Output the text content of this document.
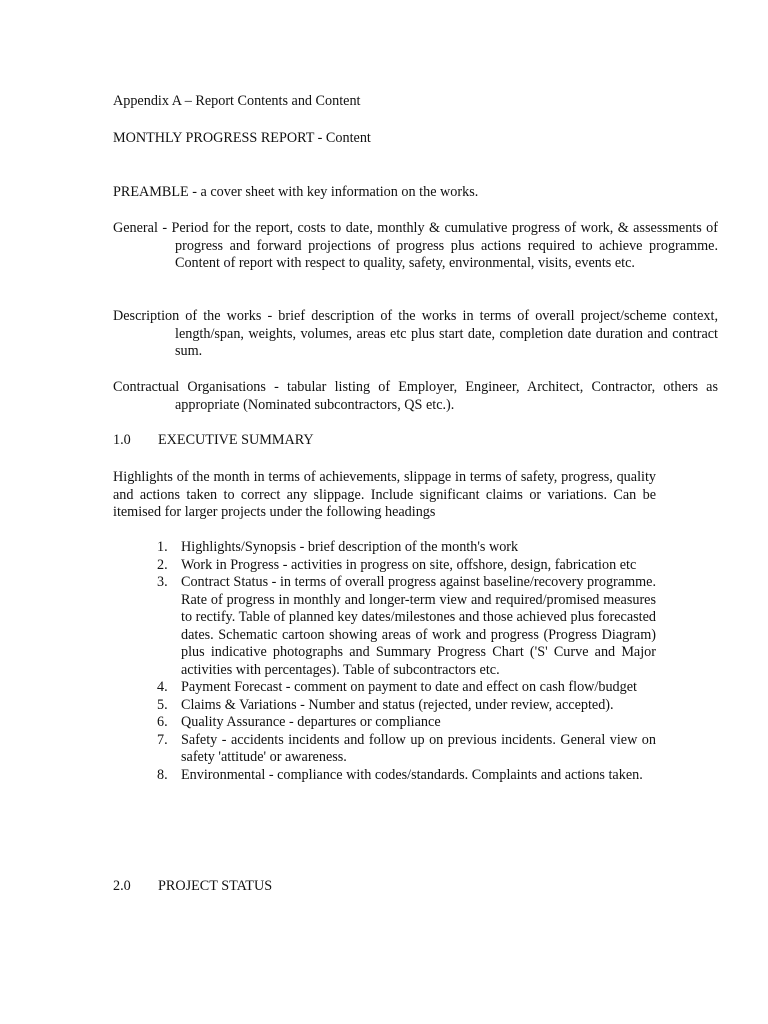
Appendix A – Report Contents and Content

MONTHLY PROGRESS REPORT - Content

PREAMBLE - a cover sheet with key information on the works.

General - Period for the report, costs to date, monthly & cumulative progress of work, & assessments of progress and forward projections of progress plus actions required to achieve programme. Content of report with respect to quality, safety, environmental, visits, events etc.

Description of the works - brief description of the works in terms of overall project/scheme context, length/span, weights, volumes, areas etc plus start date, completion date duration and contract sum.

Contractual Organisations - tabular listing of Employer, Engineer, Architect, Contractor, others as appropriate (Nominated subcontractors, QS etc.).

1.0 EXECUTIVE SUMMARY

Highlights of the month in terms of achievements, slippage in terms of safety, progress, quality and actions taken to correct any slippage. Include significant claims or variations. Can be itemised for larger projects under the following headings

1. Highlights/Synopsis - brief description of the month's work
2. Work in Progress - activities in progress on site, offshore, design, fabrication etc
3. Contract Status - in terms of overall progress against baseline/recovery programme. Rate of progress in monthly and longer-term view and required/promised measures to rectify. Table of planned key dates/milestones and those achieved plus forecasted dates. Schematic cartoon showing areas of work and progress (Progress Diagram) plus indicative photographs and Summary Progress Chart ('S' Curve and Major activities with percentages). Table of subcontractors etc.
4. Payment Forecast - comment on payment to date and effect on cash flow/budget
5. Claims & Variations - Number and status (rejected, under review, accepted).
6. Quality Assurance - departures or compliance
7. Safety - accidents incidents and follow up on previous incidents. General view on safety 'attitude' or awareness.
8. Environmental - compliance with codes/standards. Complaints and actions taken.

2.0 PROJECT STATUS
